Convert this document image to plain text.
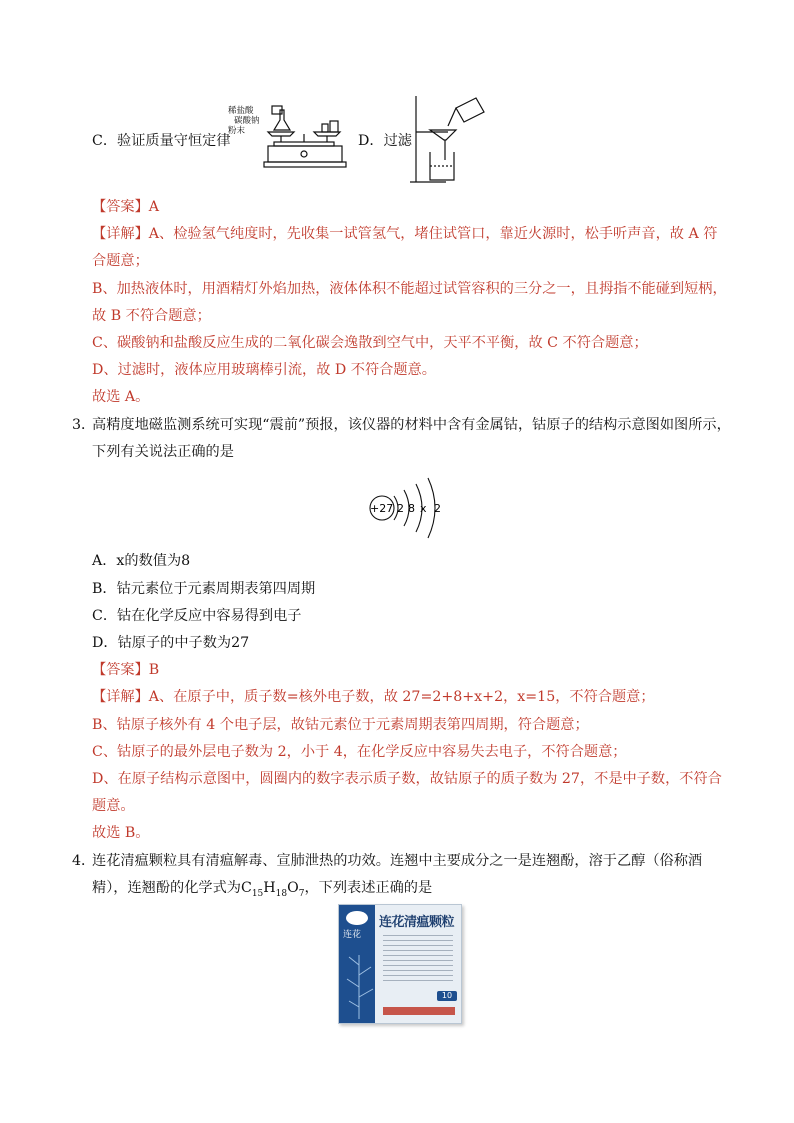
C．验证质量守恒定律
稀盐酸
碳酸钠
粉末
D．过滤
【答案】A
【详解】A、检验氢气纯度时，先收集一试管氢气，堵住试管口，靠近火源时，松手听声音，故 A 符
合题意；
B、加热液体时，用酒精灯外焰加热，液体体积不能超过试管容积的三分之一，且拇指不能碰到短柄，
故 B 不符合题意；
C、碳酸钠和盐酸反应生成的二氧化碳会逸散到空气中，天平不平衡，故 C 不符合题意；
D、过滤时，液体应用玻璃棒引流，故 D 不符合题意。
故选 A。
3．
高精度地磁监测系统可实现“震前”预报，该仪器的材料中含有金属钴，钴原子的结构示意图如图所示，
下列有关说法正确的是
+27 2 8 x 2
A．x的数值为8
B．钴元素位于元素周期表第四周期
C．钴在化学反应中容易得到电子
D．钴原子的中子数为27
【答案】B
【详解】A、在原子中，质子数=核外电子数，故 27=2+8+x+2，x=15，不符合题意；
B、钴原子核外有 4 个电子层，故钴元素位于元素周期表第四周期，符合题意；
C、钴原子的最外层电子数为 2，小于 4，在化学反应中容易失去电子，不符合题意；
D、在原子结构示意图中，圆圈内的数字表示质子数，故钴原子的质子数为 27，不是中子数，不符合
题意。
故选 B。
4．
连花清瘟颗粒具有清瘟解毒、宣肺泄热的功效。连翘中主要成分之一是连翘酚，溶于乙醇（俗称酒
精），连翘酚的化学式为$C_{15}H_{18}O_7$，下列表述正确的是
连花
连花清瘟颗粒
10
